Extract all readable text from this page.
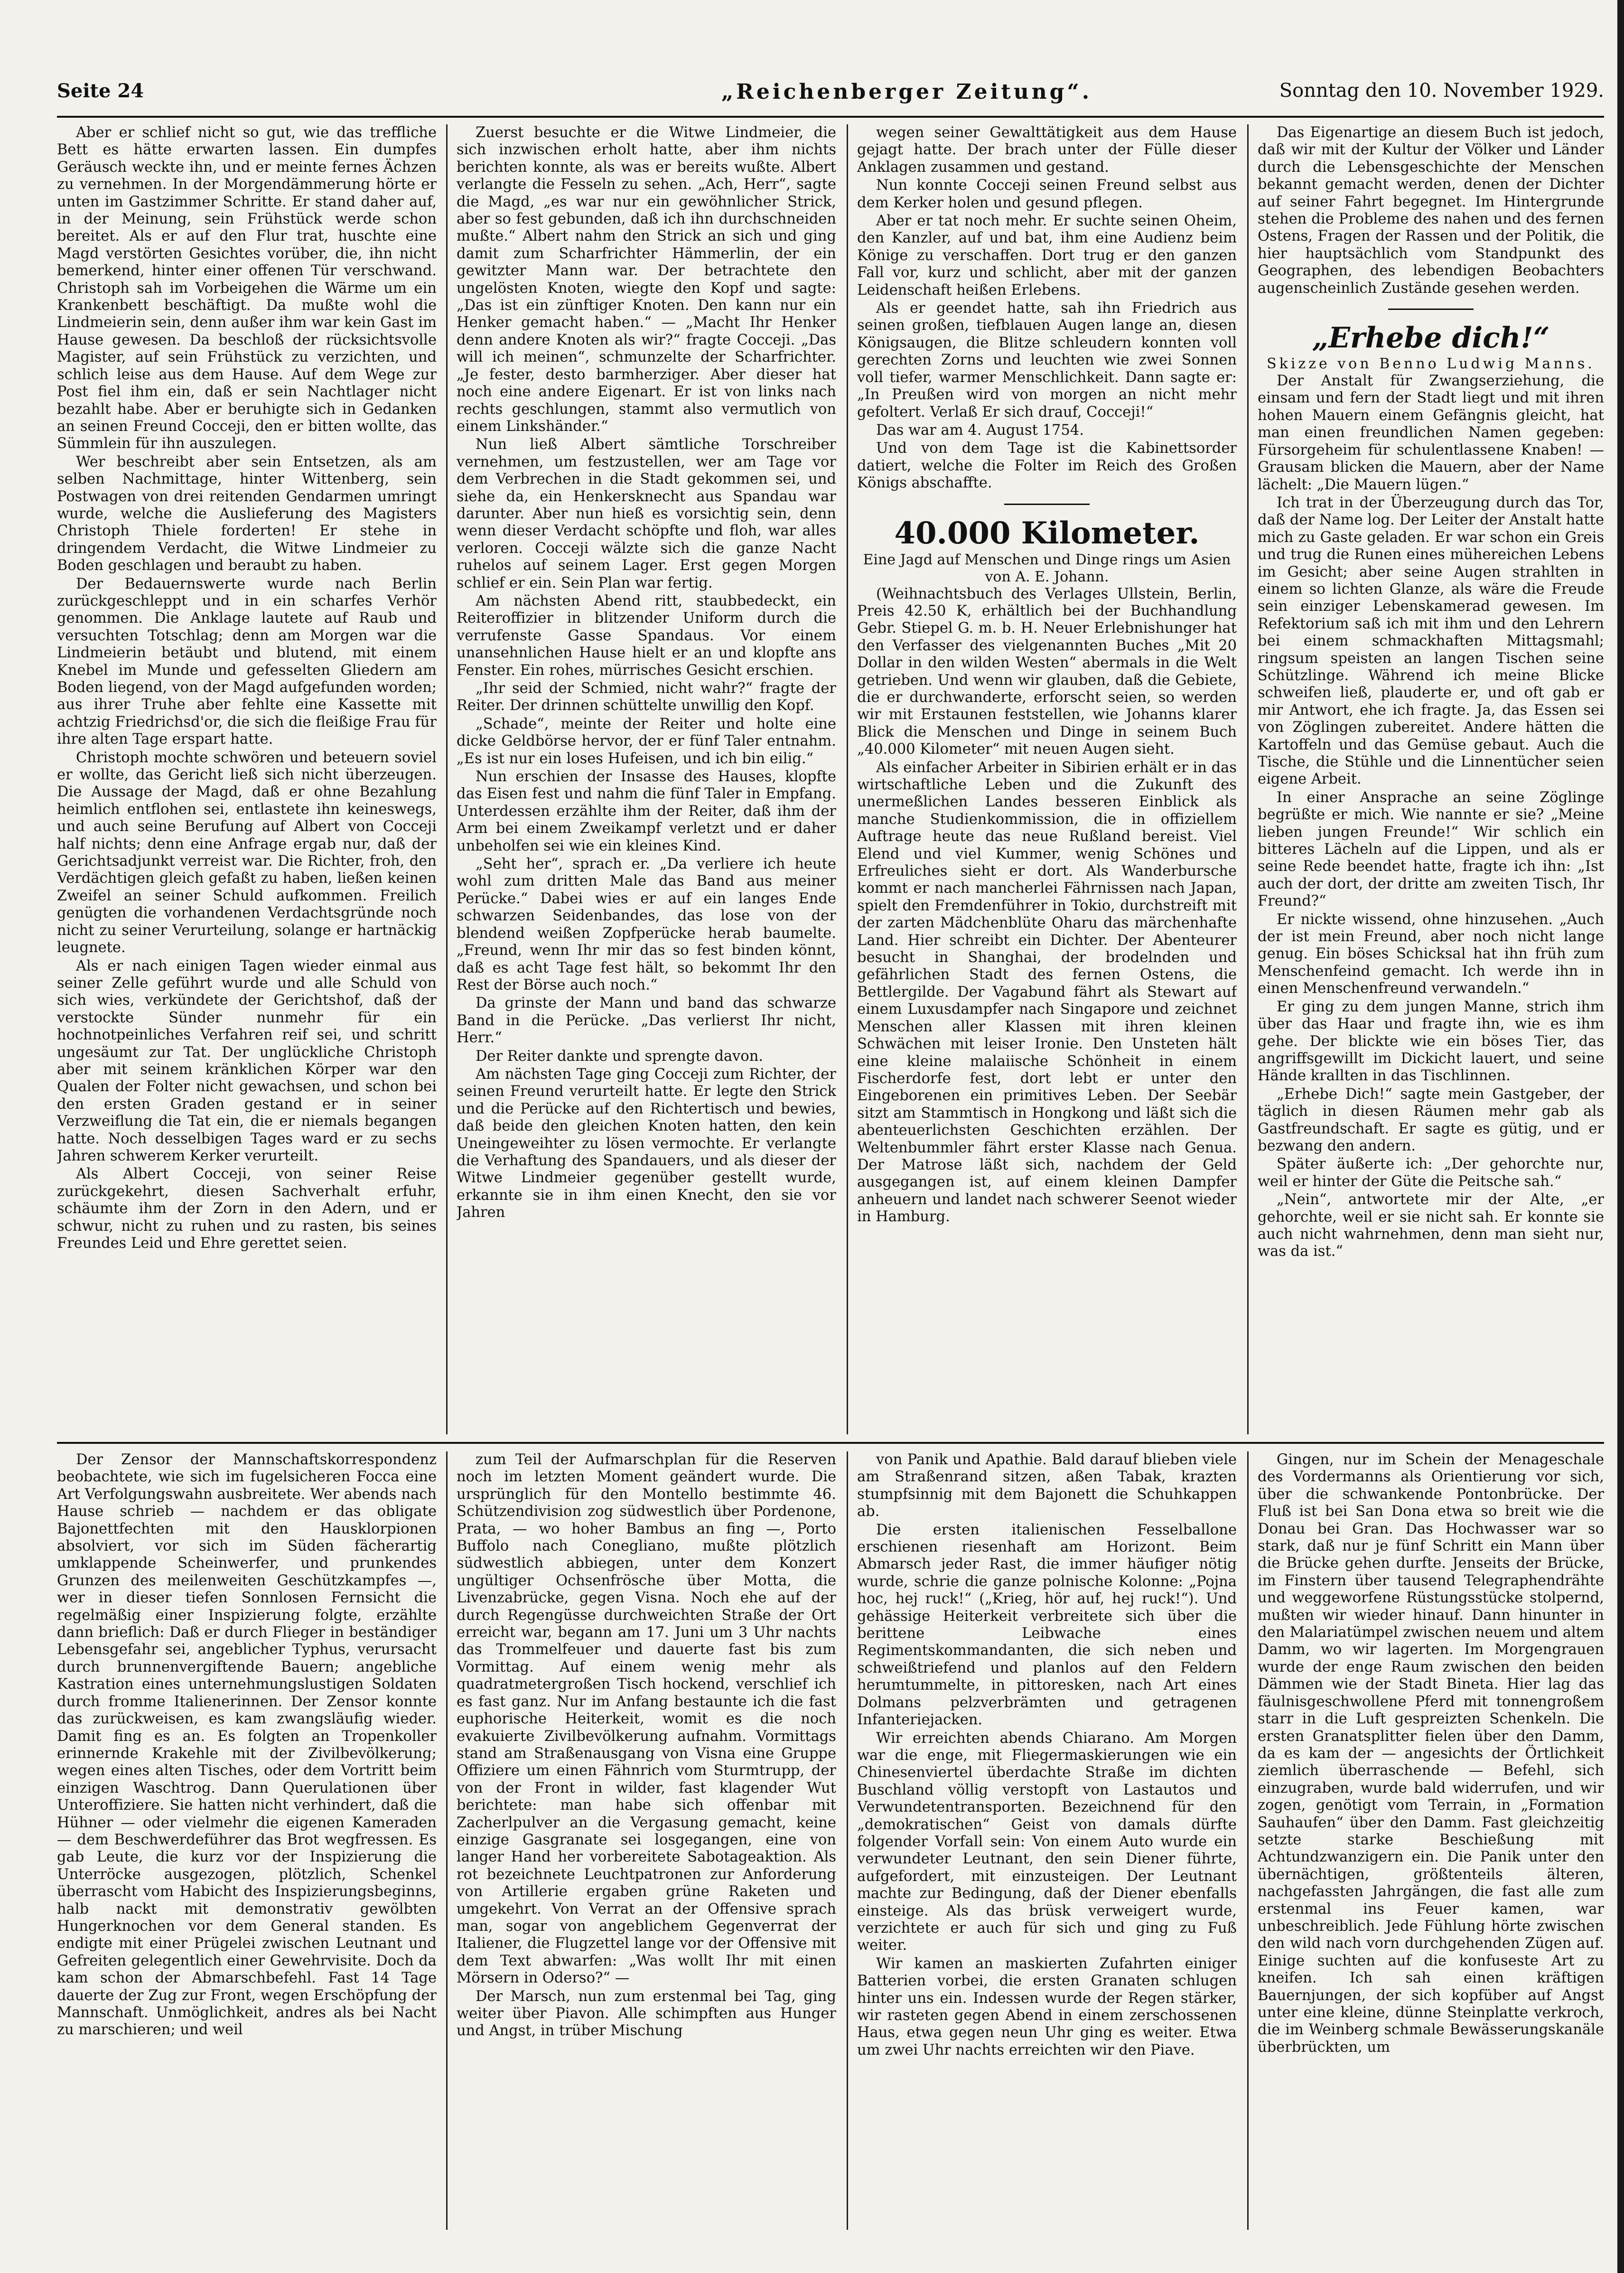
Seite 24	„Reichenberger Zeitung“.	Sonntag den 10. November 1929.

Aber er schlief nicht so gut, wie das treffliche Bett es hätte erwarten lassen. Ein dumpfes Geräusch weckte ihn, und er meinte fernes Ächzen zu vernehmen. In der Morgendämmerung hörte er unten im Gastzimmer Schritte. Er stand daher auf, in der Meinung, sein Frühstück werde schon bereitet. Als er auf den Flur trat, huschte eine Magd verstörten Gesichtes vorüber, die, ihn nicht bemerkend, hinter einer offenen Tür verschwand. Christoph sah im Vorbeigehen die Wärme um ein Krankenbett beschäftigt. Da mußte wohl die Lindmeierin sein, denn außer ihm war kein Gast im Hause gewesen. Da beschloß der rücksichtsvolle Magister, auf sein Frühstück zu verzichten, und schlich leise aus dem Hause. Auf dem Wege zur Post fiel ihm ein, daß er sein Nachtlager nicht bezahlt habe. Aber er beruhigte sich in Gedanken an seinen Freund Cocceji, den er bitten wollte, das Sümmlein für ihn auszulegen.

Wer beschreibt aber sein Entsetzen, als am selben Nachmittage, hinter Wittenberg, sein Postwagen von drei reitenden Gendarmen umringt wurde, welche die Auslieferung des Magisters Christoph Thiele forderten! Er stehe in dringendem Verdacht, die Witwe Lindmeier zu Boden geschlagen und beraubt zu haben.

Der Bedauernswerte wurde nach Berlin zurückgeschleppt und in ein scharfes Verhör genommen. Die Anklage lautete auf Raub und versuchten Totschlag; denn am Morgen war die Lindmeierin betäubt und blutend, mit einem Knebel im Munde und gefesselten Gliedern am Boden liegend, von der Magd aufgefunden worden; aus ihrer Truhe aber fehlte eine Kassette mit achtzig Friedrichsd'or, die sich die fleißige Frau für ihre alten Tage erspart hatte.

Christoph mochte schwören und beteuern soviel er wollte, das Gericht ließ sich nicht überzeugen. Die Aussage der Magd, daß er ohne Bezahlung heimlich entflohen sei, entlastete ihn keineswegs, und auch seine Berufung auf Albert von Cocceji half nichts; denn eine Anfrage ergab nur, daß der Gerichtsadjunkt verreist war. Die Richter, froh, den Verdächtigen gleich gefaßt zu haben, ließen keinen Zweifel an seiner Schuld aufkommen. Freilich genügten die vorhandenen Verdachtsgründe noch nicht zu seiner Verurteilung, solange er hartnäckig leugnete.

Als er nach einigen Tagen wieder einmal aus seiner Zelle geführt wurde und alle Schuld von sich wies, verkündete der Gerichtshof, daß der verstockte Sünder nunmehr für ein hochnotpeinliches Verfahren reif sei, und schritt ungesäumt zur Tat. Der unglückliche Christoph aber mit seinem kränklichen Körper war den Qualen der Folter nicht gewachsen, und schon bei den ersten Graden gestand er in seiner Verzweiflung die Tat ein, die er niemals begangen hatte. Noch desselbigen Tages ward er zu sechs Jahren schwerem Kerker verurteilt.

Als Albert Cocceji, von seiner Reise zurückgekehrt, diesen Sachverhalt erfuhr, schäumte ihm der Zorn in den Adern, und er schwur, nicht zu ruhen und zu rasten, bis seines Freundes Leid und Ehre gerettet seien.

Zuerst besuchte er die Witwe Lindmeier, die sich inzwischen erholt hatte, aber ihm nichts berichten konnte, als was er bereits wußte. Albert verlangte die Fesseln zu sehen. „Ach, Herr“, sagte die Magd, „es war nur ein gewöhnlicher Strick, aber so fest gebunden, daß ich ihn durchschneiden mußte.“ Albert nahm den Strick an sich und ging damit zum Scharfrichter Hämmerlin, der ein gewitzter Mann war. Der betrachtete den ungelösten Knoten, wiegte den Kopf und sagte: „Das ist ein zünftiger Knoten. Den kann nur ein Henker gemacht haben.“ — „Macht Ihr Henker denn andere Knoten als wir?“ fragte Cocceji. „Das will ich meinen“, schmunzelte der Scharfrichter. „Je fester, desto barmherziger. Aber dieser hat noch eine andere Eigenart. Er ist von links nach rechts geschlungen, stammt also vermutlich von einem Linkshänder.“

Nun ließ Albert sämtliche Torschreiber vernehmen, um festzustellen, wer am Tage vor dem Verbrechen in die Stadt gekommen sei, und siehe da, ein Henkersknecht aus Spandau war darunter. Aber nun hieß es vorsichtig sein, denn wenn dieser Verdacht schöpfte und floh, war alles verloren. Cocceji wälzte sich die ganze Nacht ruhelos auf seinem Lager. Erst gegen Morgen schlief er ein. Sein Plan war fertig.

Am nächsten Abend ritt, staubbedeckt, ein Reiteroffizier in blitzender Uniform durch die verrufenste Gasse Spandaus. Vor einem unansehnlichen Hause hielt er an und klopfte ans Fenster. Ein rohes, mürrisches Gesicht erschien.

„Ihr seid der Schmied, nicht wahr?“ fragte der Reiter. Der drinnen schüttelte unwillig den Kopf.

„Schade“, meinte der Reiter und holte eine dicke Geldbörse hervor, der er fünf Taler entnahm. „Es ist nur ein loses Hufeisen, und ich bin eilig.“

Nun erschien der Insasse des Hauses, klopfte das Eisen fest und nahm die fünf Taler in Empfang. Unterdessen erzählte ihm der Reiter, daß ihm der Arm bei einem Zweikampf verletzt und er daher unbeholfen sei wie ein kleines Kind.

„Seht her“, sprach er. „Da verliere ich heute wohl zum dritten Male das Band aus meiner Perücke.“ Dabei wies er auf ein langes Ende schwarzen Seidenbandes, das lose von der blendend weißen Zopfperücke herab baumelte. „Freund, wenn Ihr mir das so fest binden könnt, daß es acht Tage fest hält, so bekommt Ihr den Rest der Börse auch noch.“

Da grinste der Mann und band das schwarze Band in die Perücke. „Das verlierst Ihr nicht, Herr.“

Der Reiter dankte und sprengte davon.

Am nächsten Tage ging Cocceji zum Richter, der seinen Freund verurteilt hatte. Er legte den Strick und die Perücke auf den Richtertisch und bewies, daß beide den gleichen Knoten hatten, den kein Uneingeweihter zu lösen vermochte. Er verlangte die Verhaftung des Spandauers, und als dieser der Witwe Lindmeier gegenüber gestellt wurde, erkannte sie in ihm einen Knecht, den sie vor Jahren

wegen seiner Gewalttätigkeit aus dem Hause gejagt hatte. Der brach unter der Fülle dieser Anklagen zusammen und gestand.

Nun konnte Cocceji seinen Freund selbst aus dem Kerker holen und gesund pflegen.

Aber er tat noch mehr. Er suchte seinen Oheim, den Kanzler, auf und bat, ihm eine Audienz beim Könige zu verschaffen. Dort trug er den ganzen Fall vor, kurz und schlicht, aber mit der ganzen Leidenschaft heißen Erlebens.

Als er geendet hatte, sah ihn Friedrich aus seinen großen, tiefblauen Augen lange an, diesen Königsaugen, die Blitze schleudern konnten voll gerechten Zorns und leuchten wie zwei Sonnen voll tiefer, warmer Menschlichkeit. Dann sagte er: „In Preußen wird von morgen an nicht mehr gefoltert. Verlaß Er sich drauf, Cocceji!“

Das war am 4. August 1754.

Und von dem Tage ist die Kabinettsorder datiert, welche die Folter im Reich des Großen Königs abschaffte.

40.000 Kilometer.

Eine Jagd auf Menschen und Dinge rings um Asien von A. E. Johann.

(Weihnachtsbuch des Verlages Ullstein, Berlin, Preis 42.50 K, erhältlich bei der Buchhandlung Gebr. Stiepel G. m. b. H. Neuer Erlebnishunger hat den Verfasser des vielgenannten Buches „Mit 20 Dollar in den wilden Westen“ abermals in die Welt getrieben. Und wenn wir glauben, daß die Gebiete, die er durchwanderte, erforscht seien, so werden wir mit Erstaunen feststellen, wie Johanns klarer Blick die Menschen und Dinge in seinem Buch „40.000 Kilometer“ mit neuen Augen sieht.

Als einfacher Arbeiter in Sibirien erhält er in das wirtschaftliche Leben und die Zukunft des unermeßlichen Landes besseren Einblick als manche Studienkommission, die in offiziellem Auftrage heute das neue Rußland bereist. Viel Elend und viel Kummer, wenig Schönes und Erfreuliches sieht er dort. Als Wanderbursche kommt er nach mancherlei Fährnissen nach Japan, spielt den Fremdenführer in Tokio, durchstreift mit der zarten Mädchenblüte Oharu das märchenhafte Land. Hier schreibt ein Dichter. Der Abenteurer besucht in Shanghai, der brodelnden und gefährlichen Stadt des fernen Ostens, die Bettlergilde. Der Vagabund fährt als Stewart auf einem Luxusdampfer nach Singapore und zeichnet Menschen aller Klassen mit ihren kleinen Schwächen mit leiser Ironie. Den Unsteten hält eine kleine malaiische Schönheit in einem Fischerdorfe fest, dort lebt er unter den Eingeborenen ein primitives Leben. Der Seebär sitzt am Stammtisch in Hongkong und läßt sich die abenteuerlichsten Geschichten erzählen. Der Weltenbummler fährt erster Klasse nach Genua. Der Matrose läßt sich, nachdem der Geld ausgegangen ist, auf einem kleinen Dampfer anheuern und landet nach schwerer Seenot wieder in Hamburg.

Das Eigenartige an diesem Buch ist jedoch, daß wir mit der Kultur der Völker und Länder durch die Lebensgeschichte der Menschen bekannt gemacht werden, denen der Dichter auf seiner Fahrt begegnet. Im Hintergrunde stehen die Probleme des nahen und des fernen Ostens, Fragen der Rassen und der Politik, die hier hauptsächlich vom Standpunkt des Geographen, des lebendigen Beobachters augenscheinlich Zustände gesehen werden.

„Erhebe dich!“

Skizze von Benno Ludwig Manns.

Der Anstalt für Zwangserziehung, die einsam und fern der Stadt liegt und mit ihren hohen Mauern einem Gefängnis gleicht, hat man einen freundlichen Namen gegeben: Fürsorgeheim für schulentlassene Knaben! — Grausam blicken die Mauern, aber der Name lächelt: „Die Mauern lügen.“

Ich trat in der Überzeugung durch das Tor, daß der Name log. Der Leiter der Anstalt hatte mich zu Gaste geladen. Er war schon ein Greis und trug die Runen eines mühereichen Lebens im Gesicht; aber seine Augen strahlten in einem so lichten Glanze, als wäre die Freude sein einziger Lebenskamerad gewesen. Im Refektorium saß ich mit ihm und den Lehrern bei einem schmackhaften Mittagsmahl; ringsum speisten an langen Tischen seine Schützlinge. Während ich meine Blicke schweifen ließ, plauderte er, und oft gab er mir Antwort, ehe ich fragte. Ja, das Essen sei von Zöglingen zubereitet. Andere hätten die Kartoffeln und das Gemüse gebaut. Auch die Tische, die Stühle und die Linnentücher seien eigene Arbeit.

In einer Ansprache an seine Zöglinge begrüßte er mich. Wie nannte er sie? „Meine lieben jungen Freunde!“ Wir schlich ein bitteres Lächeln auf die Lippen, und als er seine Rede beendet hatte, fragte ich ihn: „Ist auch der dort, der dritte am zweiten Tisch, Ihr Freund?“

Er nickte wissend, ohne hinzusehen. „Auch der ist mein Freund, aber noch nicht lange genug. Ein böses Schicksal hat ihn früh zum Menschenfeind gemacht. Ich werde ihn in einen Menschenfreund verwandeln.“

Er ging zu dem jungen Manne, strich ihm über das Haar und fragte ihn, wie es ihm gehe. Der blickte wie ein böses Tier, das angriffsgewillt im Dickicht lauert, und seine Hände krallten in das Tischlinnen.

„Erhebe Dich!“ sagte mein Gastgeber, der täglich in diesen Räumen mehr gab als Gastfreundschaft. Er sagte es gütig, und er bezwang den andern.

Später äußerte ich: „Der gehorchte nur, weil er hinter der Güte die Peitsche sah.“

„Nein“, antwortete mir der Alte, „er gehorchte, weil er sie nicht sah. Er konnte sie auch nicht wahrnehmen, denn man sieht nur, was da ist.“

Der Zensor der Mannschaftskorrespondenz beobachtete, wie sich im fugelsicheren Focca eine Art Verfolgungswahn ausbreitete. Wer abends nach Hause schrieb — nachdem er das obligate Bajonettfechten mit den Hausklorpionen absolviert, vor sich im Süden fächerartig umklappende Scheinwerfer, und prunkendes Grunzen des meilenweiten Geschützkampfes —, wer in dieser tiefen Sonnlosen Fernsicht die regelmäßig einer Inspizierung folgte, erzählte dann brieflich: Daß er durch Flieger in beständiger Lebensgefahr sei, angeblicher Typhus, verursacht durch brunnenvergiftende Bauern; angebliche Kastration eines unternehmungslustigen Soldaten durch fromme Italienerinnen. Der Zensor konnte das zurückweisen, es kam zwangsläufig wieder. Damit fing es an. Es folgten an Tropenkoller erinnernde Krakehle mit der Zivilbevölkerung; wegen eines alten Tisches, oder dem Vortritt beim einzigen Waschtrog. Dann Querulationen über Unteroffiziere. Sie hatten nicht verhindert, daß die Hühner — oder vielmehr die eigenen Kameraden — dem Beschwerdeführer das Brot wegfressen. Es gab Leute, die kurz vor der Inspizierung die Unterröcke ausgezogen, plötzlich, Schenkel überrascht vom Habicht des Inspizierungsbeginns, halb nackt mit demonstrativ gewölbten Hungerknochen vor dem General standen. Es endigte mit einer Prügelei zwischen Leutnant und Gefreiten gelegentlich einer Gewehrvisite. Doch da kam schon der Abmarschbefehl. Fast 14 Tage dauerte der Zug zur Front, wegen Erschöpfung der Mannschaft. Unmöglichkeit, andres als bei Nacht zu marschieren; und weil

zum Teil der Aufmarschplan für die Reserven noch im letzten Moment geändert wurde. Die ursprünglich für den Montello bestimmte 46. Schützendivision zog südwestlich über Pordenone, Prata, — wo hoher Bambus an fing —, Porto Buffolo nach Conegliano, mußte plötzlich südwestlich abbiegen, unter dem Konzert ungültiger Ochsenfrösche über Motta, die Livenzabrücke, gegen Visna. Noch ehe auf der durch Regengüsse durchweichten Straße der Ort erreicht war, begann am 17. Juni um 3 Uhr nachts das Trommelfeuer und dauerte fast bis zum Vormittag. Auf einem wenig mehr als quadratmetergroßen Tisch hockend, verschlief ich es fast ganz. Nur im Anfang bestaunte ich die fast euphorische Heiterkeit, womit es die noch evakuierte Zivilbevölkerung aufnahm. Vormittags stand am Straßenausgang von Visna eine Gruppe Offiziere um einen Fähnrich vom Sturmtrupp, der von der Front in wilder, fast klagender Wut berichtete: man habe sich offenbar mit Zacherlpulver an die Vergasung gemacht, keine einzige Gasgranate sei losgegangen, eine von langer Hand her vorbereitete Sabotageaktion. Als rot bezeichnete Leuchtpatronen zur Anforderung von Artillerie ergaben grüne Raketen und umgekehrt. Von Verrat an der Offensive sprach man, sogar von angeblichem Gegenverrat der Italiener, die Flugzettel lange vor der Offensive mit dem Text abwarfen: „Was wollt Ihr mit einen Mörsern in Oderso?“ —

Der Marsch, nun zum erstenmal bei Tag, ging weiter über Piavon. Alle schimpften aus Hunger und Angst, in trüber Mischung

von Panik und Apathie. Bald darauf blieben viele am Straßenrand sitzen, aßen Tabak, krazten stumpfsinnig mit dem Bajonett die Schuhkappen ab.

Die ersten italienischen Fesselballone erschienen riesenhaft am Horizont. Beim Abmarsch jeder Rast, die immer häufiger nötig wurde, schrie die ganze polnische Kolonne: „Pojna hoc, hej ruck!“ („Krieg, hör auf, hej ruck!“). Und gehässige Heiterkeit verbreitete sich über die berittene Leibwache eines Regimentskommandanten, die sich neben und schweißtriefend und planlos auf den Feldern herumtummelte, in pittoresken, nach Art eines Dolmans pelzverbrämten und getragenen Infanteriejacken.

Wir erreichten abends Chiarano. Am Morgen war die enge, mit Fliegermaskierungen wie ein Chinesenviertel überdachte Straße im dichten Buschland völlig verstopft von Lastautos und Verwundetentransporten. Bezeichnend für den „demokratischen“ Geist von damals dürfte folgender Vorfall sein: Von einem Auto wurde ein verwundeter Leutnant, den sein Diener führte, aufgefordert, mit einzusteigen. Der Leutnant machte zur Bedingung, daß der Diener ebenfalls einsteige. Als das brüsk verweigert wurde, verzichtete er auch für sich und ging zu Fuß weiter.

Wir kamen an maskierten Zufahrten einiger Batterien vorbei, die ersten Granaten schlugen hinter uns ein. Indessen wurde der Regen stärker, wir rasteten gegen Abend in einem zerschossenen Haus, etwa gegen neun Uhr ging es weiter. Etwa um zwei Uhr nachts erreichten wir den Piave.

Gingen, nur im Schein der Menageschale des Vordermanns als Orientierung vor sich, über die schwankende Pontonbrücke. Der Fluß ist bei San Dona etwa so breit wie die Donau bei Gran. Das Hochwasser war so stark, daß nur je fünf Schritt ein Mann über die Brücke gehen durfte. Jenseits der Brücke, im Finstern über tausend Telegraphendrähte und weggeworfene Rüstungsstücke stolpernd, mußten wir wieder hinauf. Dann hinunter in den Malariatümpel zwischen neuem und altem Damm, wo wir lagerten. Im Morgengrauen wurde der enge Raum zwischen den beiden Dämmen wie der Stadt Bineta. Hier lag das fäulnisgeschwollene Pferd mit tonnengroßem starr in die Luft gespreizten Schenkeln. Die ersten Granatsplitter fielen über den Damm, da es kam der — angesichts der Örtlichkeit ziemlich überraschende — Befehl, sich einzugraben, wurde bald widerrufen, und wir zogen, genötigt vom Terrain, in „Formation Sauhaufen“ über den Damm. Fast gleichzeitig setzte starke Beschießung mit Achtundzwanzigern ein. Die Panik unter den übernächtigen, größtenteils älteren, nachgefassten Jahrgängen, die fast alle zum erstenmal ins Feuer kamen, war unbeschreiblich. Jede Fühlung hörte zwischen den wild nach vorn durchgehenden Zügen auf. Einige suchten auf die konfuseste Art zu kneifen. Ich sah einen kräftigen Bauernjungen, der sich kopfüber auf Angst unter eine kleine, dünne Steinplatte verkroch, die im Weinberg schmale Bewässerungskanäle überbrückten, um
